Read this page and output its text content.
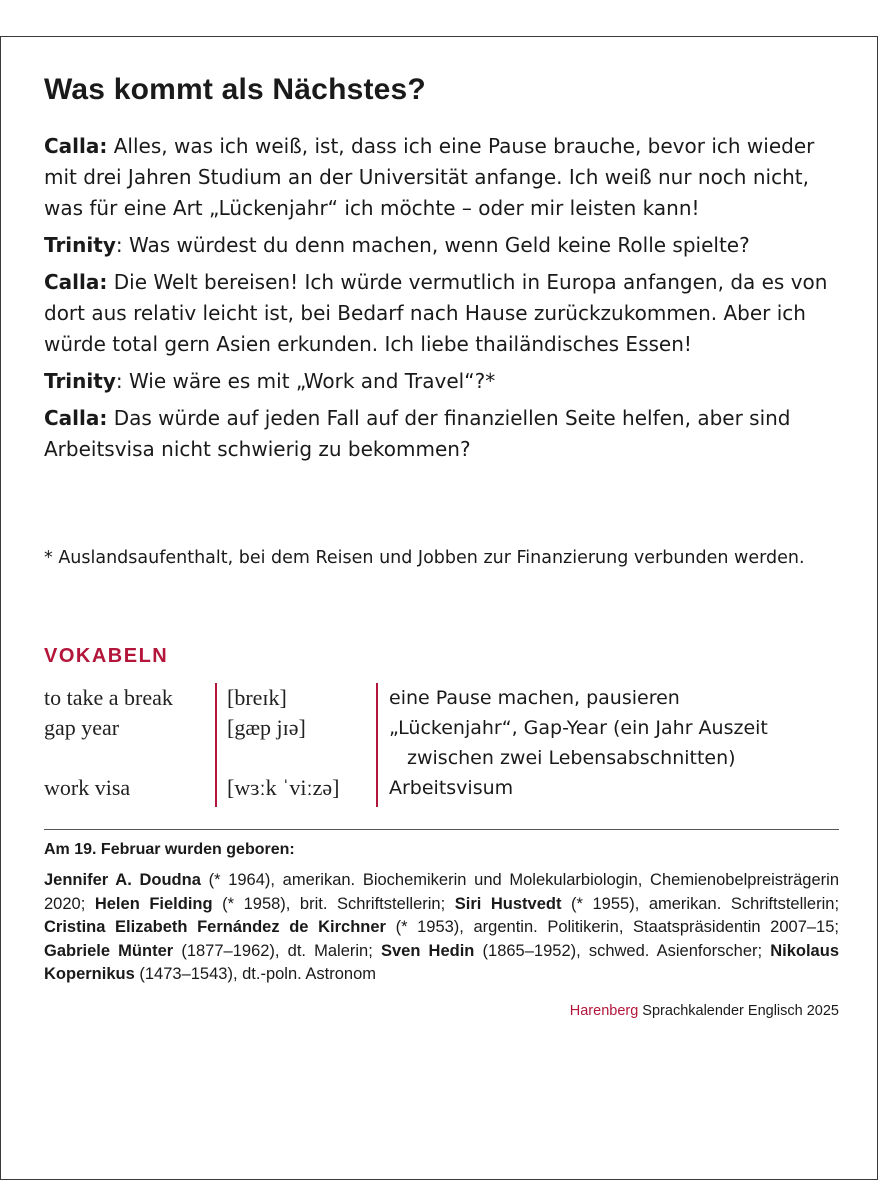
Was kommt als Nächstes?

Calla: Alles, was ich weiß, ist, dass ich eine Pause brauche, bevor ich wieder mit drei Jahren Studium an der Universität anfange. Ich weiß nur noch nicht, was für eine Art „Lückenjahr“ ich möchte – oder mir leisten kann!

Trinity: Was würdest du denn machen, wenn Geld keine Rolle spielte?

Calla: Die Welt bereisen! Ich würde vermutlich in Europa anfangen, da es von dort aus relativ leicht ist, bei Bedarf nach Hause zurückzukommen. Aber ich würde total gern Asien erkunden. Ich liebe thailändisches Essen!

Trinity: Wie wäre es mit „Work and Travel“?*

Calla: Das würde auf jeden Fall auf der finanziellen Seite helfen, aber sind Arbeitsvisa nicht schwierig zu bekommen?

* Auslandsaufenthalt, bei dem Reisen und Jobben zur Finanzierung verbunden werden.
VOKABELN
to take a break [breɪk]	eine Pause machen, pausieren
gap year	[gæp jɪə]	„Lückenjahr“, Gap-Year (ein Jahr Auszeit
zwischen zwei Lebensabschnitten)
work visa	[wɜːk ˈviːzə]	Arbeitsvisum
Am 19. Februar wurden geboren:
Jennifer A. Doudna (* 1964), amerikan. Biochemikerin und Molekularbiologin, Chemienobelpreisträgerin 2020; Helen Fielding (* 1958), brit. Schriftstellerin; Siri Hustvedt (* 1955), amerikan. Schriftstellerin; Cristina Elizabeth Fernández de Kirchner (* 1953), argentin. Politikerin, Staatspräsidentin 2007–15; Gabriele Münter (1877–1962), dt. Malerin; Sven Hedin (1865–1952), schwed. Asienforscher; Nikolaus Kopernikus (1473–1543), dt.-poln. Astronom
Harenberg Sprachkalender Englisch 2025
